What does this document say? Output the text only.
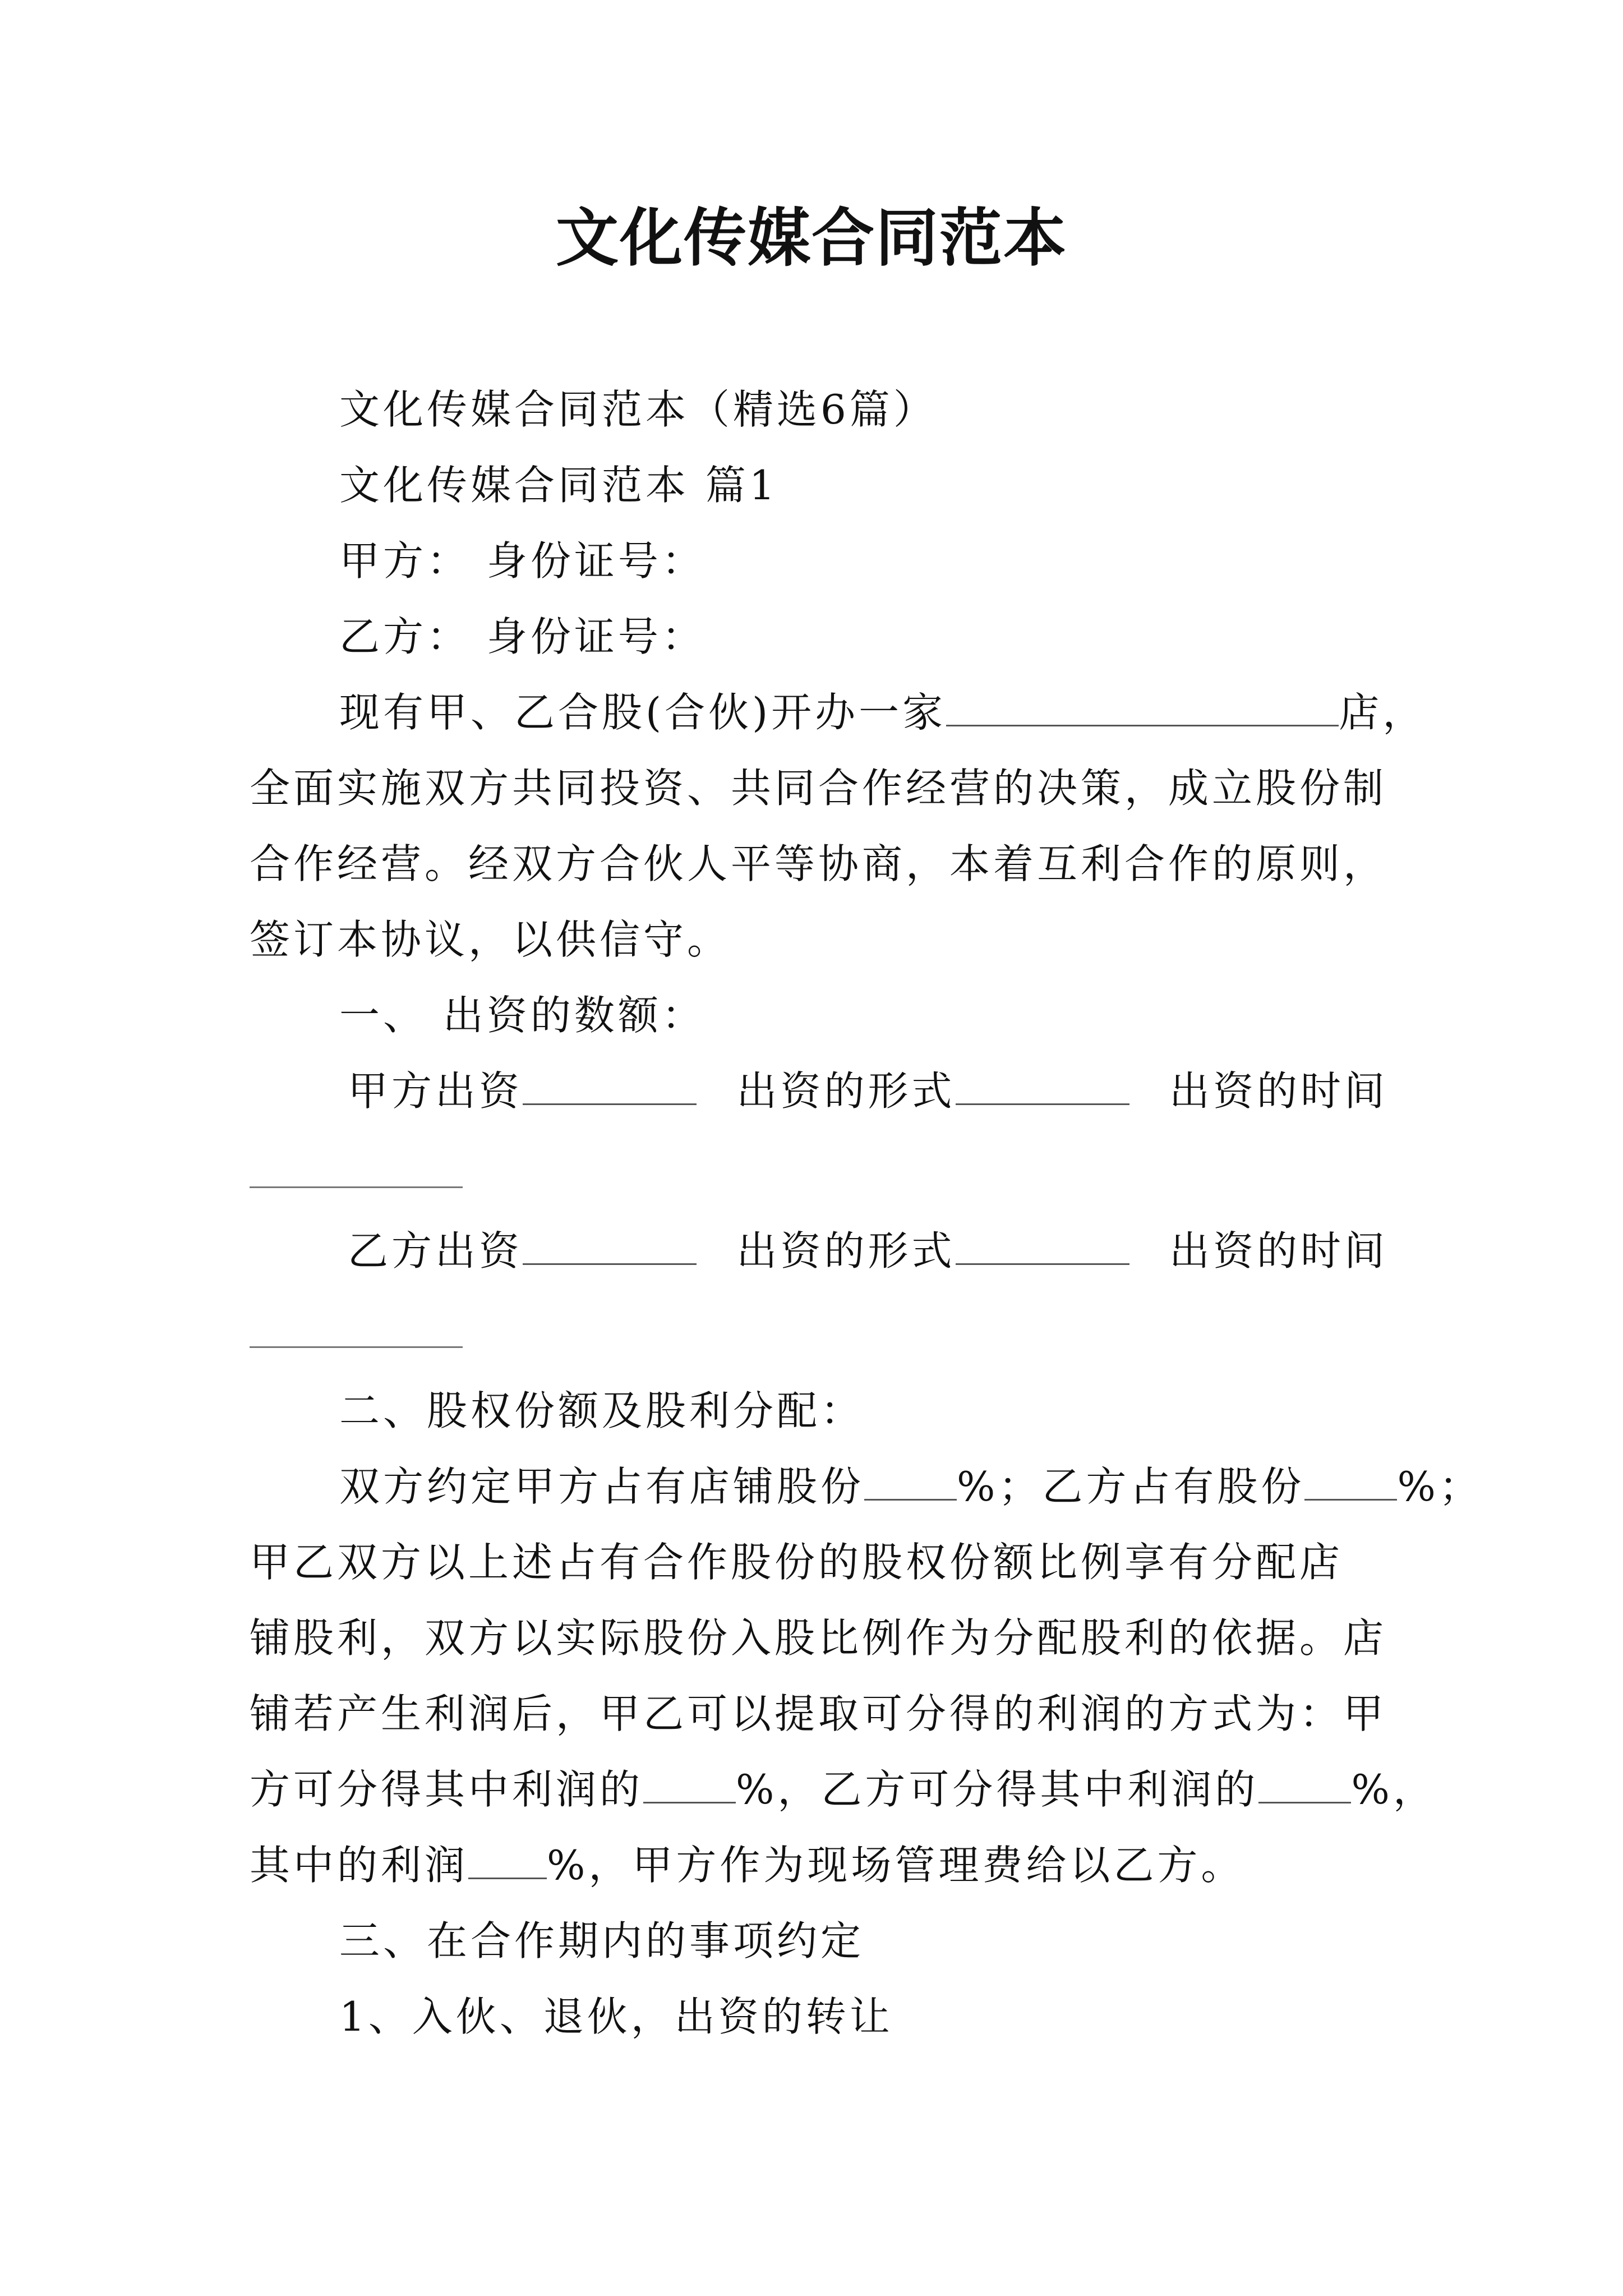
文化传媒合同范本
文化传媒合同范本（精选6篇）
文化传媒合同范本 篇1
甲方： 身份证号：
乙方： 身份证号：
现有甲、乙合股(合伙)开办一家	店，
全面实施双方共同投资、共同合作经营的决策，成立股份制
合作经营。经双方合伙人平等协商，本着互利合作的原则，
签订本协议，以供信守。
一、 出资的数额：
甲方出资	出资的形式	出资的时间
乙方出资	出资的形式	出资的时间
二、股权份额及股利分配：
双方约定甲方占有店铺股份 %；乙方占有股份 %；
甲乙双方以上述占有合作股份的股权份额比例享有分配店
铺股利，双方以实际股份入股比例作为分配股利的依据。店
铺若产生利润后，甲乙可以提取可分得的利润的方式为：甲
方可分得其中利润的 %，乙方可分得其中利润的 %，
其中的利润 %，甲方作为现场管理费给以乙方。
三、在合作期内的事项约定
1、入伙、退伙，出资的转让
